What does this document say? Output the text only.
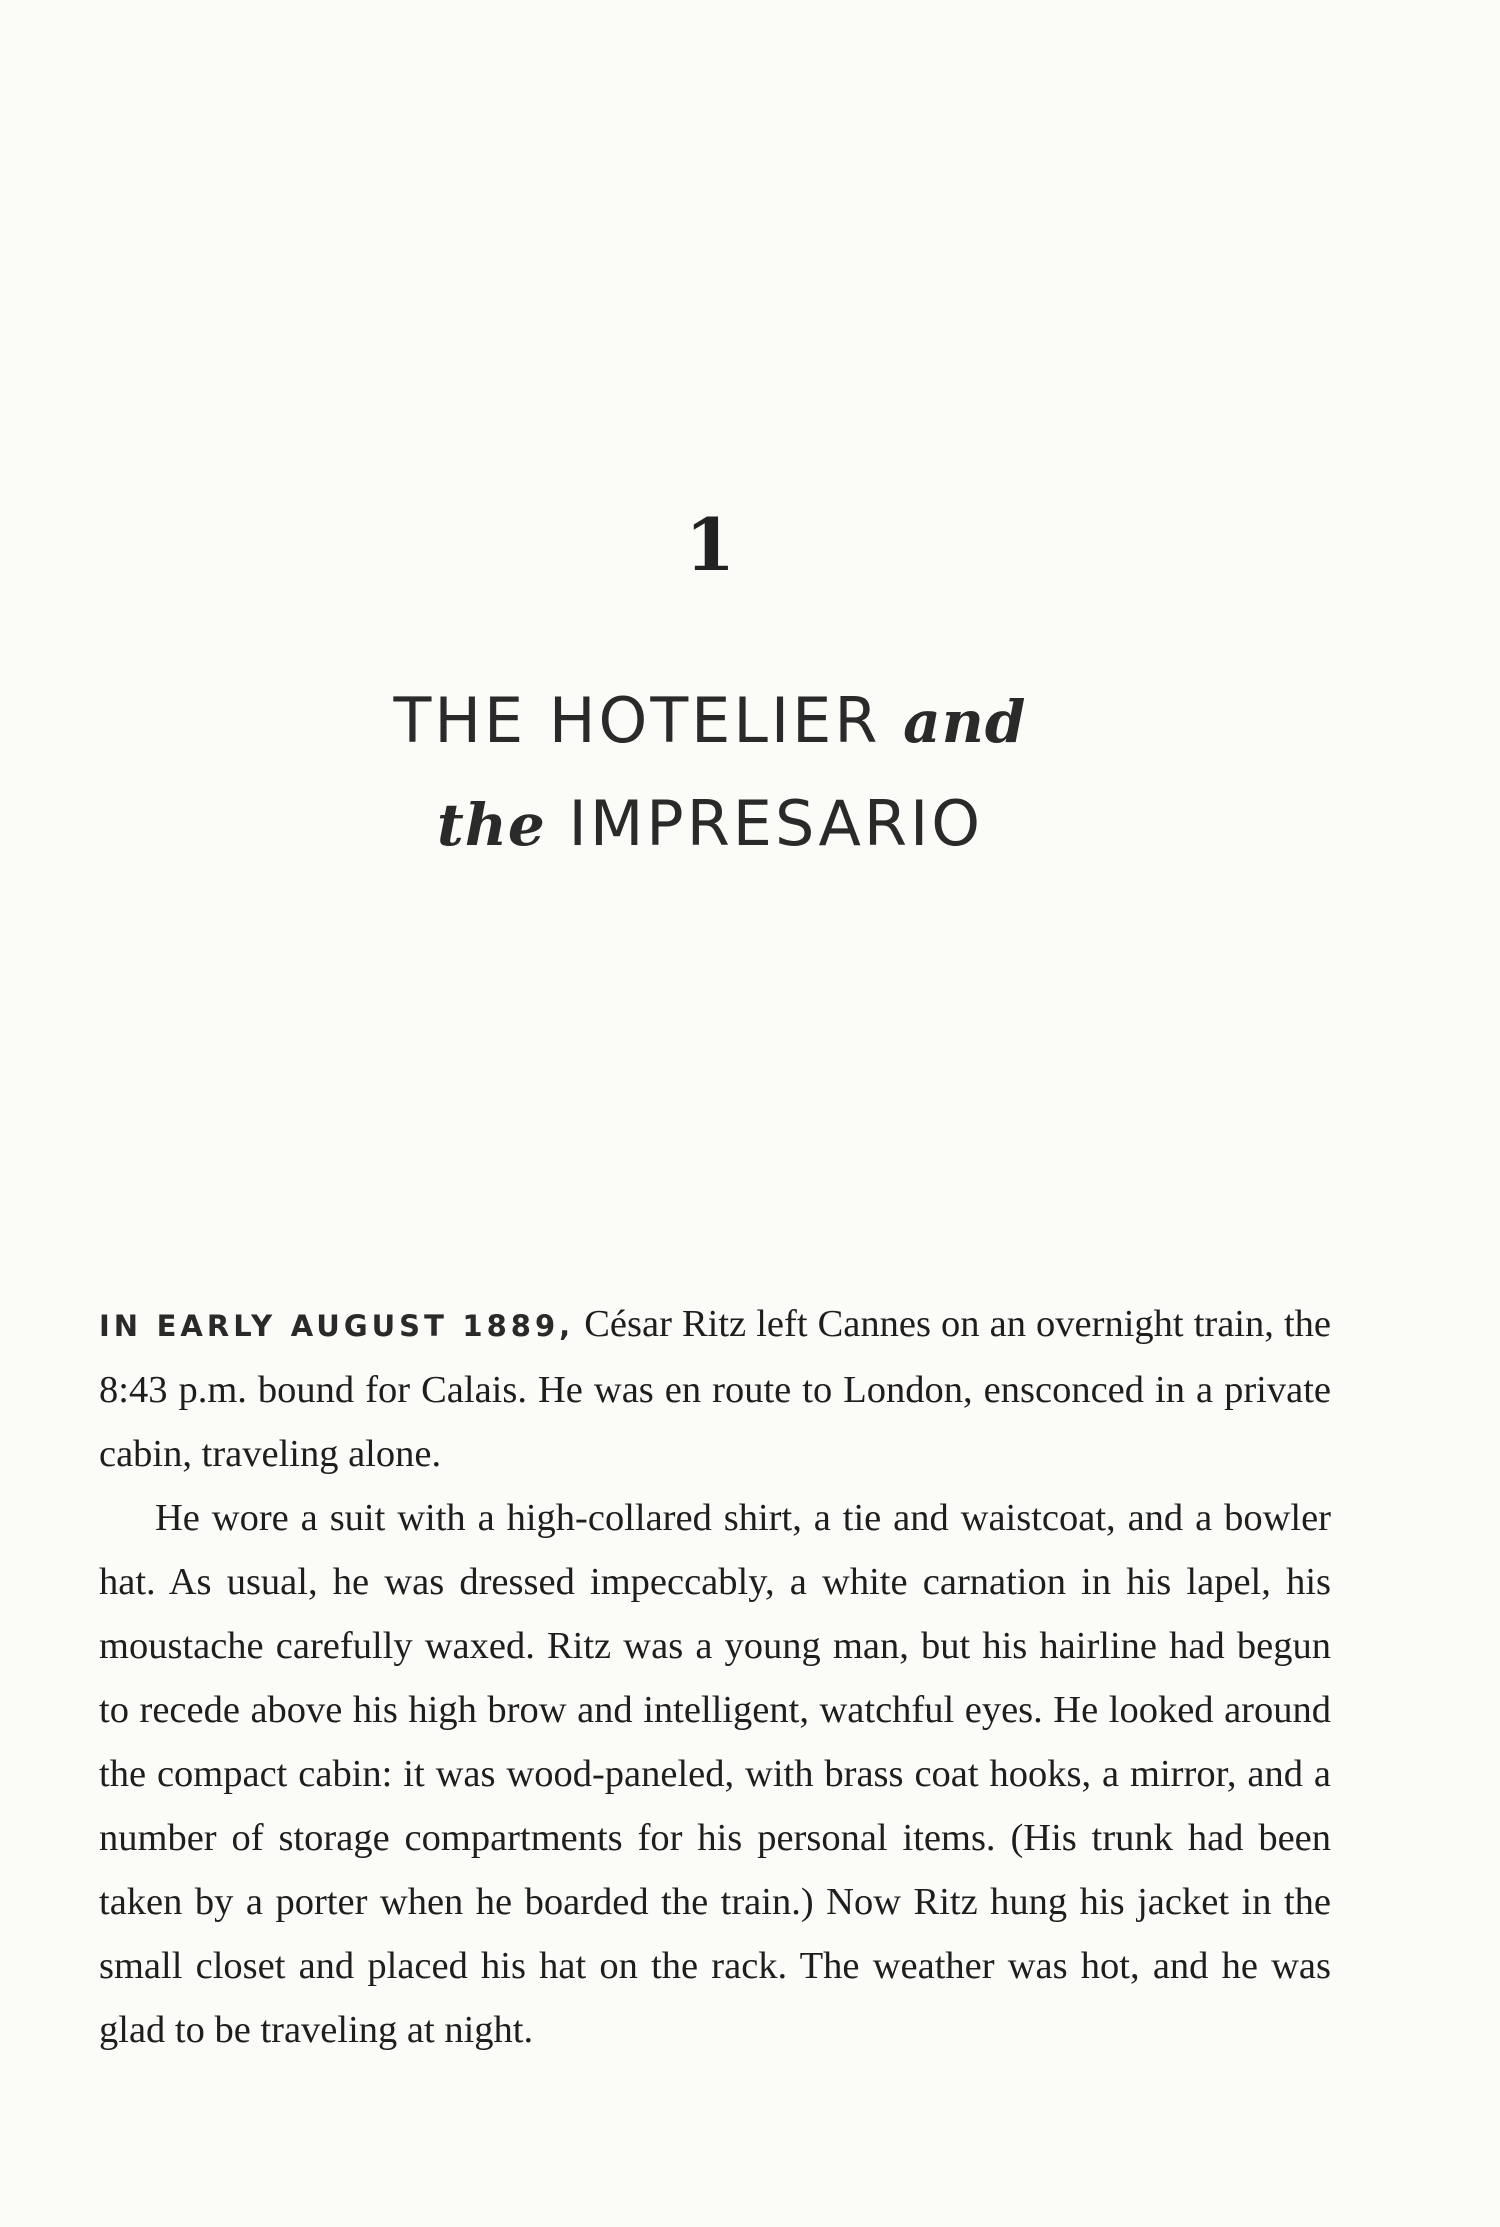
1
THE HOTELIER and
the IMPRESARIO

IN EARLY AUGUST 1889, César Ritz left Cannes on an overnight train, the 8:43 p.m. bound for Calais. He was en route to London, ensconced in a private cabin, traveling alone.

He wore a suit with a high-collared shirt, a tie and waistcoat, and a bowler hat. As usual, he was dressed impeccably, a white carnation in his lapel, his moustache carefully waxed. Ritz was a young man, but his hairline had begun to recede above his high brow and intelligent, watchful eyes. He looked around the compact cabin: it was wood-paneled, with brass coat hooks, a mirror, and a number of storage compartments for his personal items. (His trunk had been taken by a porter when he boarded the train.) Now Ritz hung his jacket in the small closet and placed his hat on the rack. The weather was hot, and he was glad to be traveling at night.
